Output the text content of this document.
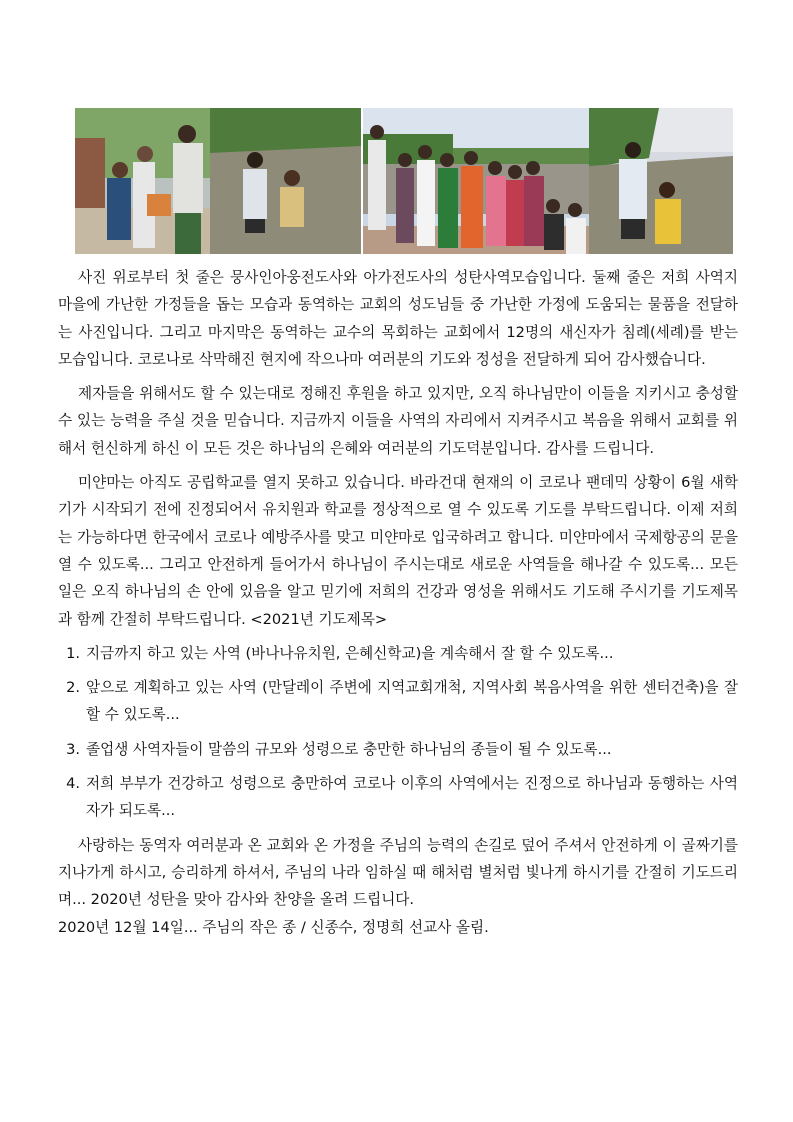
사진 위로부터 첫 줄은 뭉사인아웅전도사와 아가전도사의 성탄사역모습입니다. 둘째 줄은 저희 사역지 마을에 가난한 가정들을 돕는 모습과 동역하는 교회의 성도님들 중 가난한 가정에 도움되는 물품을 전달하는 사진입니다. 그리고 마지막은 동역하는 교수의 목회하는 교회에서 12명의 새신자가 침례(세례)를 받는 모습입니다. 코로나로 삭막해진 현지에 작으나마 여러분의 기도와 정성을 전달하게 되어 감사했습니다.

제자들을 위해서도 할 수 있는대로 정해진 후원을 하고 있지만, 오직 하나님만이 이들을 지키시고 충성할 수 있는 능력을 주실 것을 믿습니다. 지금까지 이들을 사역의 자리에서 지켜주시고 복음을 위해서 교회를 위해서 헌신하게 하신 이 모든 것은 하나님의 은혜와 여러분의 기도덕분입니다. 감사를 드립니다.

미얀마는 아직도 공립학교를 열지 못하고 있습니다. 바라건대 현재의 이 코로나 팬데믹 상황이 6월 새학기가 시작되기 전에 진정되어서 유치원과 학교를 정상적으로 열 수 있도록 기도를 부탁드립니다. 이제 저희는 가능하다면 한국에서 코로나 예방주사를 맞고 미얀마로 입국하려고 합니다. 미얀마에서 국제항공의 문을 열 수 있도록... 그리고 안전하게 들어가서 하나님이 주시는대로 새로운 사역들을 해나갈 수 있도록... 모든 일은 오직 하나님의 손 안에 있음을 알고 믿기에 저희의 건강과 영성을 위해서도 기도해 주시기를 기도제목과 함께 간절히 부탁드립니다. <2021년 기도제목>

1. 지금까지 하고 있는 사역 (바나나유치원, 은혜신학교)을 계속해서 잘 할 수 있도록...
2. 앞으로 계획하고 있는 사역 (만달레이 주변에 지역교회개척, 지역사회 복음사역을 위한 센터건축)을 잘 할 수 있도록...
3. 졸업생 사역자들이 말씀의 규모와 성령으로 충만한 하나님의 종들이 될 수 있도록...
4. 저희 부부가 건강하고 성령으로 충만하여 코로나 이후의 사역에서는 진정으로 하나님과 동행하는 사역자가 되도록...

사랑하는 동역자 여러분과 온 교회와 온 가정을 주님의 능력의 손길로 덮어 주셔서 안전하게 이 골짜기를 지나가게 하시고, 승리하게 하셔서, 주님의 나라 임하실 때 해처럼 별처럼 빛나게 하시기를 간절히 기도드리며... 2020년 성탄을 맞아 감사와 찬양을 올려 드립니다.

2020년 12월 14일... 주님의 작은 종 / 신종수, 정명희 선교사 올림.
